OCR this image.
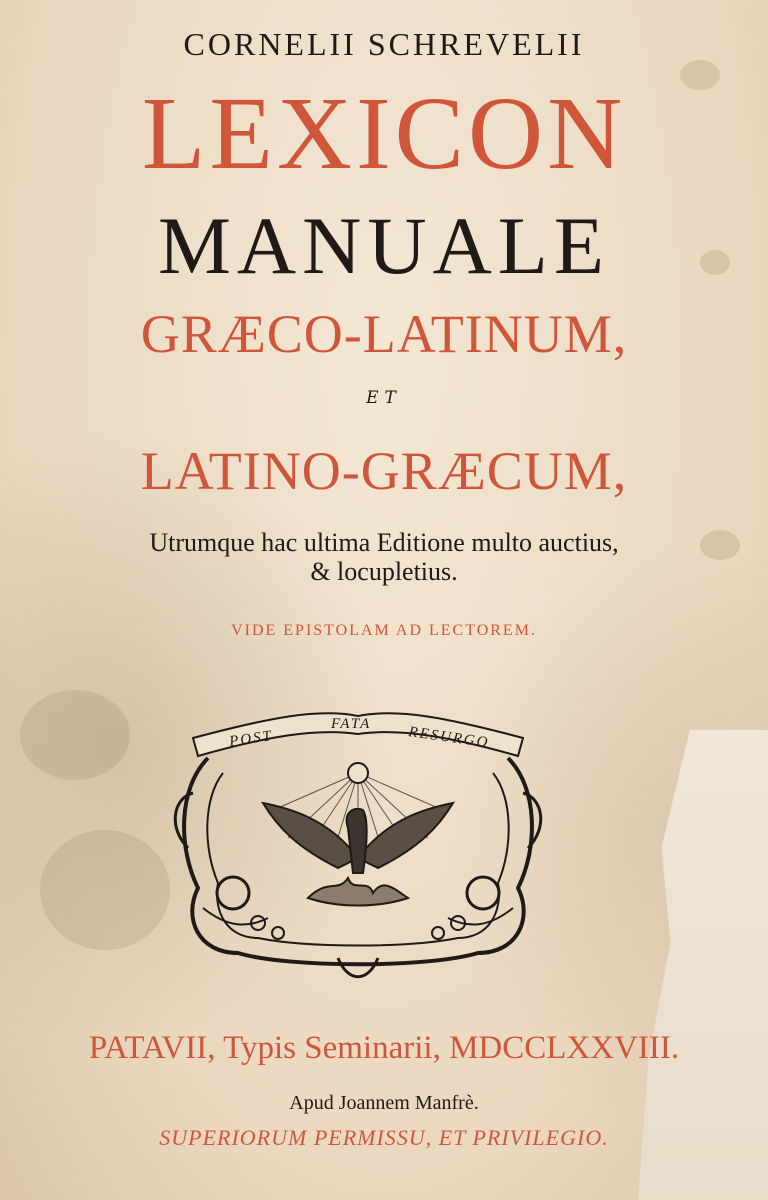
CORNELII SCHREVELII
LEXICON
MANUALE
GRÆCO-LATINUM,
ET
LATINO-GRÆCUM,
Utrumque hac ultima Editione multo auctius,
& locupletius.
VIDE EPISTOLAM AD LECTOREM.
POST
FATA
RESURGO
PATAVII, Typis Seminarii, MDCCLXXVIII.
Apud Joannem Manfrè.
SUPERIORUM PERMISSU, ET PRIVILEGIO.
